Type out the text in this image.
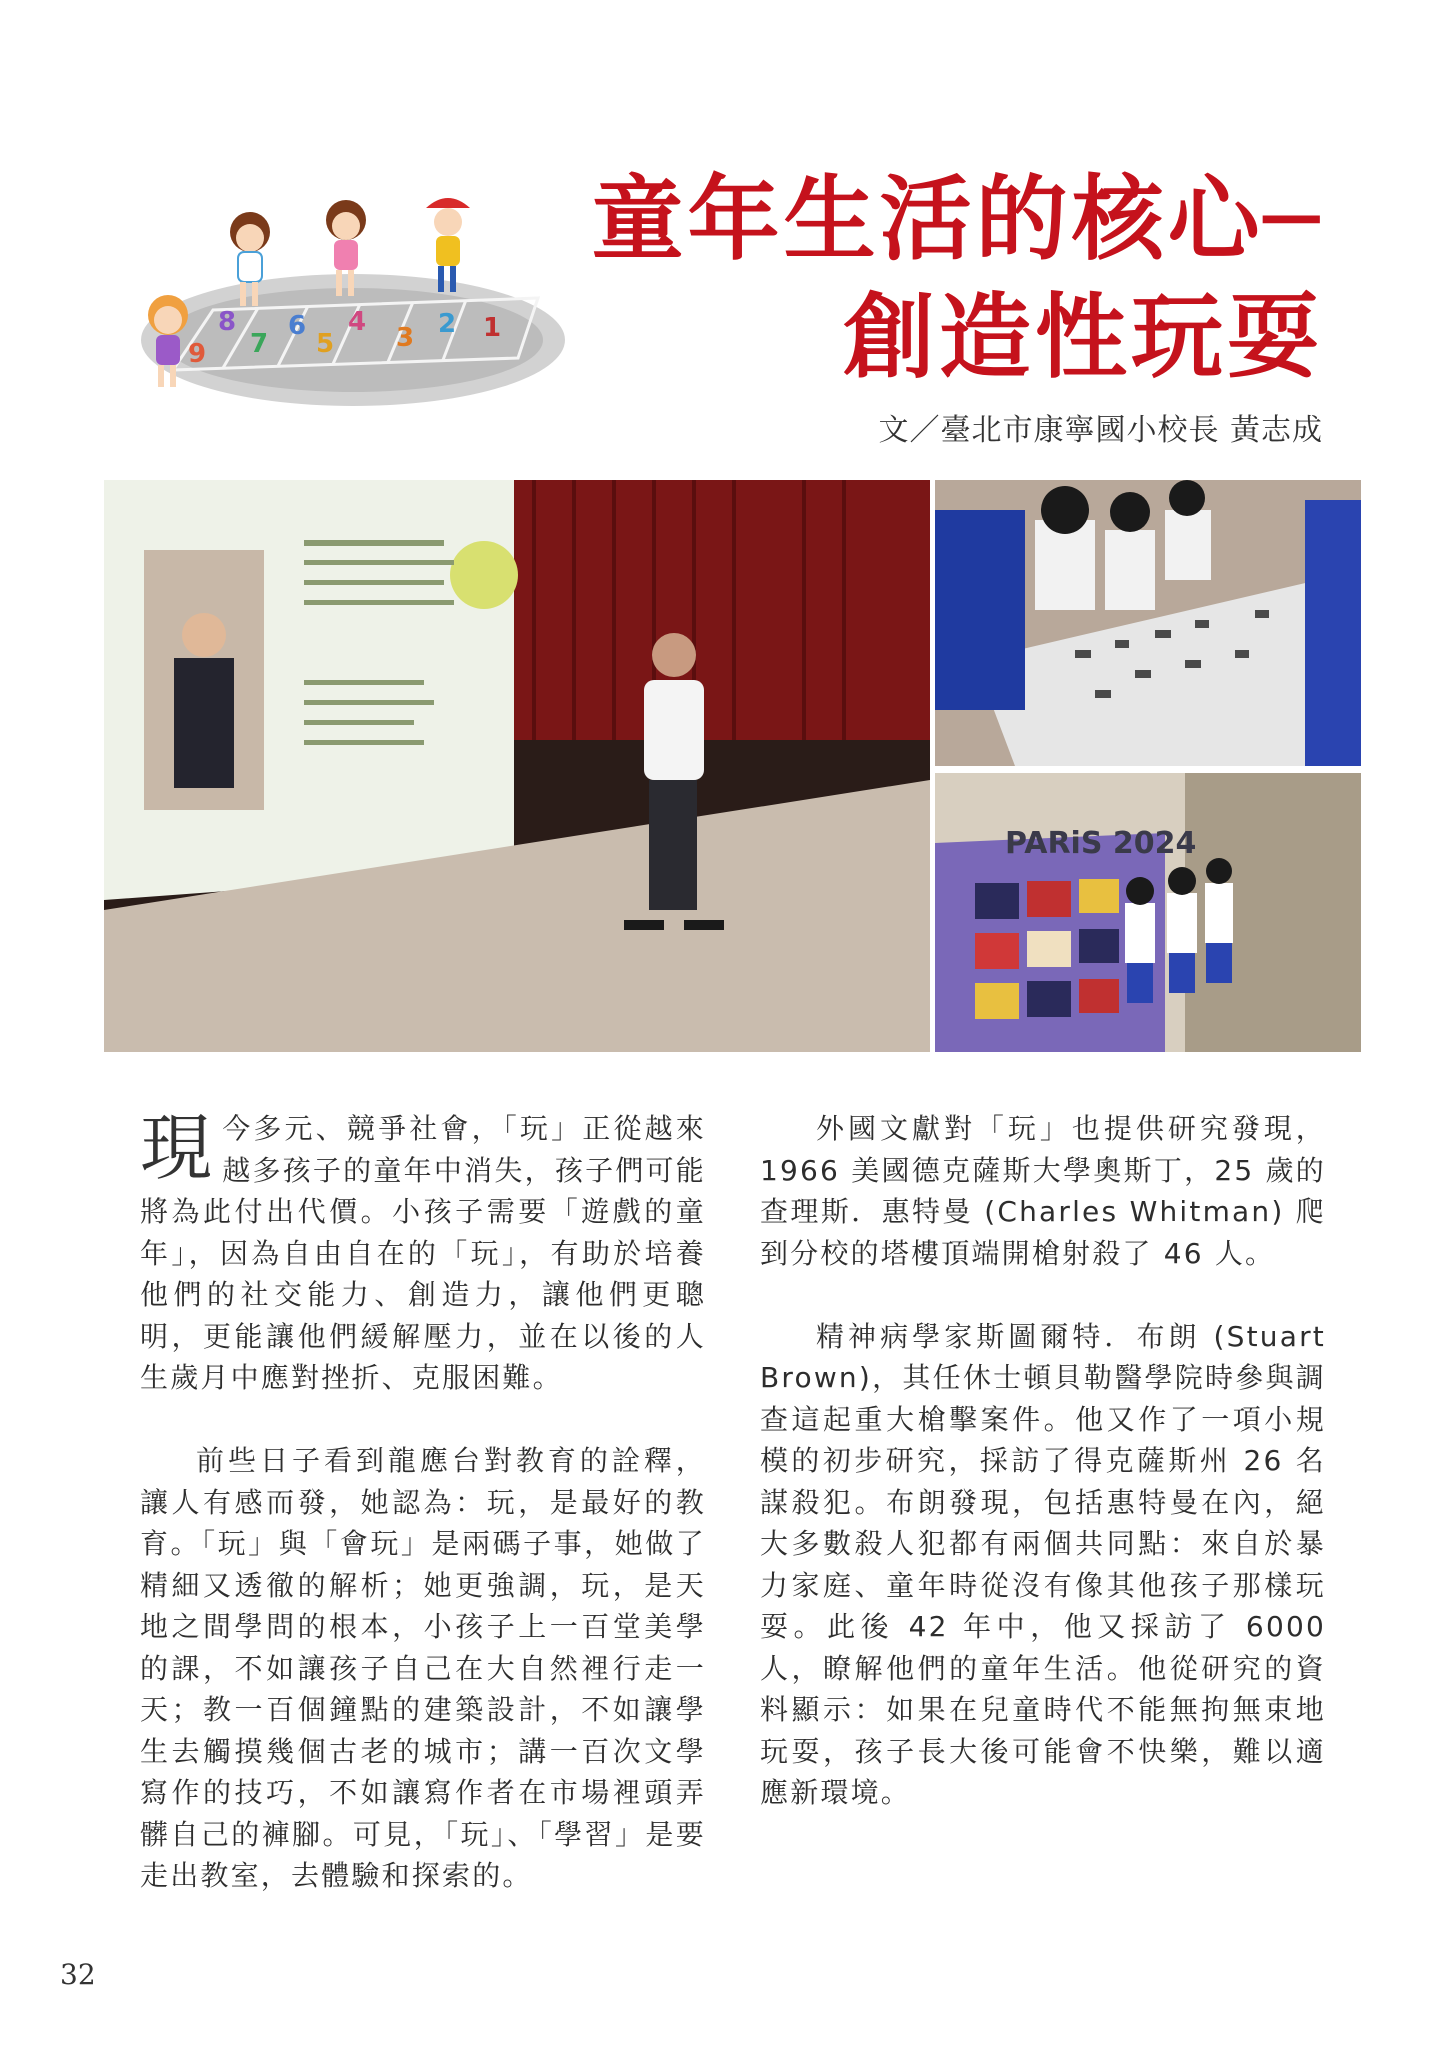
9
8
7
6
5
4
3 2 1
童年生活的核心─
創造性玩耍
文／臺北市康寧國小校長 黃志成
PARiS 2024

現今多元、競爭社會，「玩」正從越來越多孩子的童年中消失，孩子們可能將為此付出代價。小孩子需要「遊戲的童年」，因為自由自在的「玩」，有助於培養他們的社交能力、創造力，讓他們更聰明，更能讓他們緩解壓力，並在以後的人生歲月中應對挫折、克服困難。

前些日子看到龍應台對教育的詮釋，讓人有感而發，她認為：玩，是最好的教育。「玩」與「會玩」是兩碼子事，她做了精細又透徹的解析；她更強調，玩，是天地之間學問的根本，小孩子上一百堂美學的課，不如讓孩子自己在大自然裡行走一天；教一百個鐘點的建築設計，不如讓學生去觸摸幾個古老的城市；講一百次文學寫作的技巧，不如讓寫作者在市場裡頭弄髒自己的褲腳。可見，「玩」、「學習」是要走出教室，去體驗和探索的。

外國文獻對「玩」也提供研究發現，1966 美國德克薩斯大學奧斯丁，25 歲的查理斯．惠特曼 (Charles Whitman) 爬到分校的塔樓頂端開槍射殺了 46 人。

精神病學家斯圖爾特．布朗 (Stuart Brown)，其任休士頓貝勒醫學院時參與調查這起重大槍擊案件。他又作了一項小規模的初步研究，採訪了得克薩斯州 26 名謀殺犯。布朗發現，包括惠特曼在內，絕大多數殺人犯都有兩個共同點：來自於暴力家庭、童年時從沒有像其他孩子那樣玩耍。此後 42 年中，他又採訪了 6000 人，瞭解他們的童年生活。他從研究的資料顯示：如果在兒童時代不能無拘無束地玩耍，孩子長大後可能會不快樂，難以適應新環境。

32
